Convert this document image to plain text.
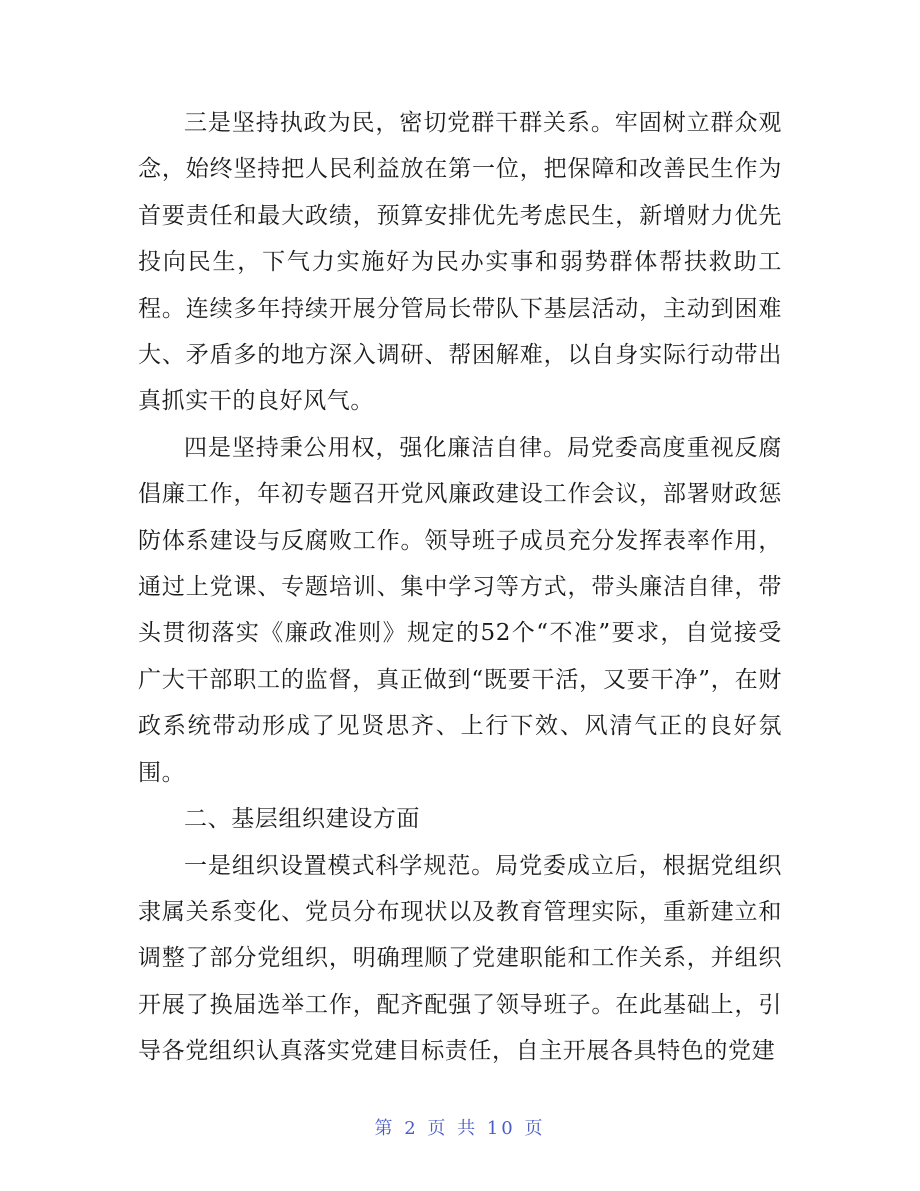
三是坚持执政为民，密切党群干群关系。牢固树立群众观念，始终坚持把人民利益放在第一位，把保障和改善民生作为首要责任和最大政绩，预算安排优先考虑民生，新增财力优先投向民生，下气力实施好为民办实事和弱势群体帮扶救助工程。连续多年持续开展分管局长带队下基层活动，主动到困难大、矛盾多的地方深入调研、帮困解难，以自身实际行动带出真抓实干的良好风气。

四是坚持秉公用权，强化廉洁自律。局党委高度重视反腐倡廉工作，年初专题召开党风廉政建设工作会议，部署财政惩防体系建设与反腐败工作。领导班子成员充分发挥表率作用，通过上党课、专题培训、集中学习等方式，带头廉洁自律，带头贯彻落实《廉政准则》规定的52个“不准”要求，自觉接受广大干部职工的监督，真正做到“既要干活，又要干净”，在财政系统带动形成了见贤思齐、上行下效、风清气正的良好氛围。

二、基层组织建设方面

一是组织设置模式科学规范。局党委成立后，根据党组织隶属关系变化、党员分布现状以及教育管理实际，重新建立和调整了部分党组织，明确理顺了党建职能和工作关系，并组织开展了换届选举工作，配齐配强了领导班子。在此基础上，引导各党组织认真落实党建目标责任，自主开展各具特色的党建

第 2 页 共 10 页
